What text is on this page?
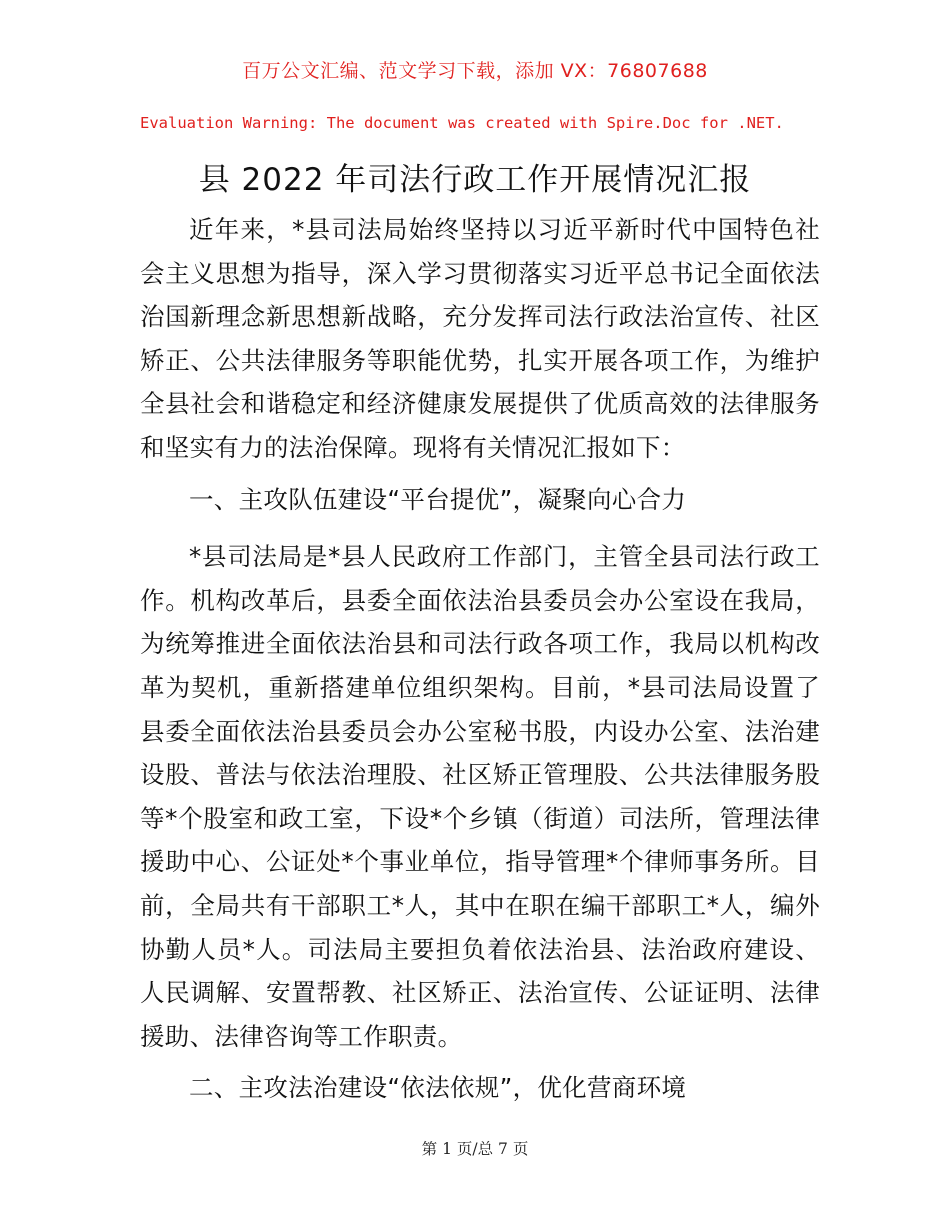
百万公文汇编、范文学习下载，添加 VX：76807688
Evaluation Warning: The document was created with Spire.Doc for .NET.
县 2022 年司法行政工作开展情况汇报

近年来，*县司法局始终坚持以习近平新时代中国特色社会主义思想为指导，深入学习贯彻落实习近平总书记全面依法治国新理念新思想新战略，充分发挥司法行政法治宣传、社区矫正、公共法律服务等职能优势，扎实开展各项工作，为维护全县社会和谐稳定和经济健康发展提供了优质高效的法律服务和坚实有力的法治保障。现将有关情况汇报如下：

一、主攻队伍建设“平台提优”，凝聚向心合力

*县司法局是*县人民政府工作部门，主管全县司法行政工作。机构改革后，县委全面依法治县委员会办公室设在我局，为统筹推进全面依法治县和司法行政各项工作，我局以机构改革为契机，重新搭建单位组织架构。目前，*县司法局设置了县委全面依法治县委员会办公室秘书股，内设办公室、法治建设股、普法与依法治理股、社区矫正管理股、公共法律服务股等*个股室和政工室，下设*个乡镇（街道）司法所，管理法律援助中心、公证处*个事业单位，指导管理*个律师事务所。目前，全局共有干部职工*人，其中在职在编干部职工*人，编外协勤人员*人。司法局主要担负着依法治县、法治政府建设、人民调解、安置帮教、社区矫正、法治宣传、公证证明、法律援助、法律咨询等工作职责。

二、主攻法治建设“依法依规”，优化营商环境

第 1 页/总 7 页
